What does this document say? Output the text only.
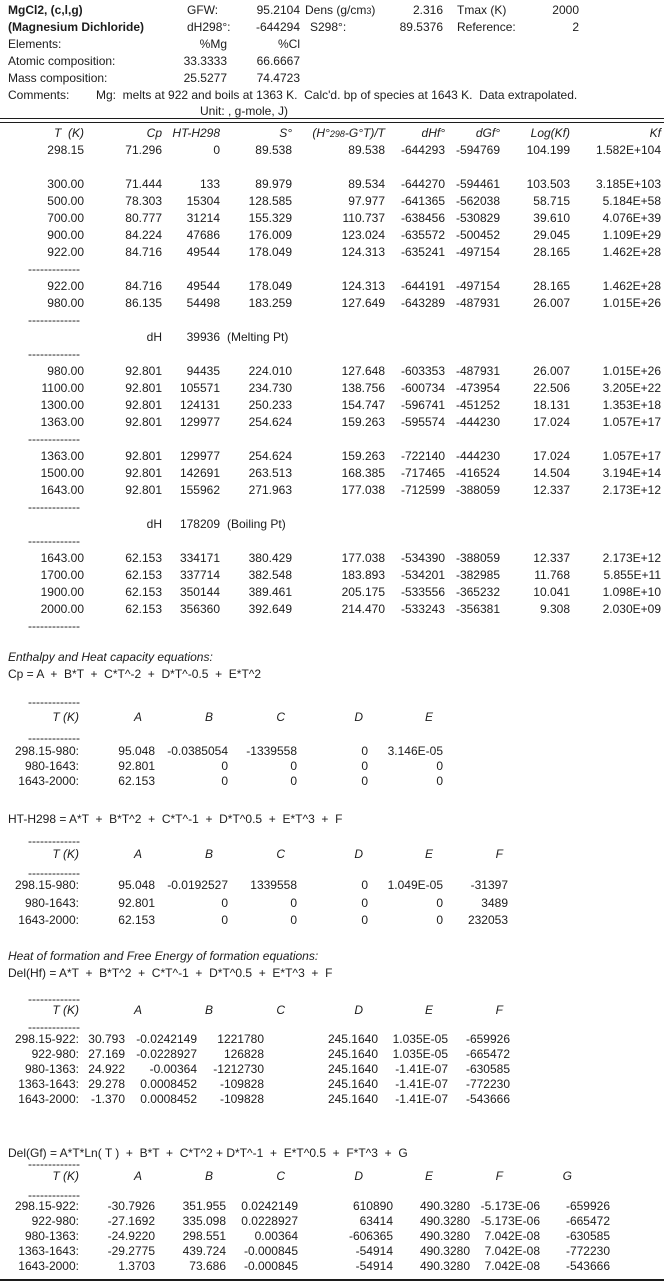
MgCl2, (c,l,g)	GFW:	95.2104 Dens (g/cm3)	2.316 Tmax (K)	2000
(Magnesium Dichloride)	dH298°: -644294 S298°:	89.5376 Reference:	2
Elements:	%Mg	%Cl
Atomic composition:	33.3333 66.6667
Mass composition:	25.5277 74.4723
Comments: Mg:  melts at 922 and boils at 1363 K.  Calc'd. bp of species at 1643 K.  Data extrapolated.
Unit: , g-mole, J)
T  (K)	Cp HT-H298	S° (H°298-G°T)/T	dHf°	dGf°	Log(Kf)	Kf
298.15	71.296	0	89.538	89.538 -644293 -594769 104.199 1.582E+104
300.00	71.444	133	89.979	89.534 -644270 -594461 103.503 3.185E+103
500.00	78.303 15304 128.585	97.977 -641365 -562038	58.715	5.184E+58
700.00	80.777 31214 155.329	110.737 -638456 -530829	39.610	4.076E+39
900.00	84.224 47686 176.009	123.024 -635572 -500452	29.045	1.109E+29
922.00	84.716 49544 178.049	124.313 -635241 -497154	28.165	1.462E+28
-------------
922.00	84.716 49544 178.049	124.313 -644191 -497154	28.165	1.462E+28
980.00	86.135 54498 183.259	127.649 -643289 -487931	26.007	1.015E+26
-------------
dH 39936 (Melting Pt)
-------------
980.00	92.801 94435 224.010	127.648 -603353 -487931	26.007	1.015E+26
1100.00	92.801 105571 234.730	138.756 -600734 -473954	22.506	3.205E+22
1300.00	92.801 124131 250.233	154.747 -596741 -451252	18.131	1.353E+18
1363.00	92.801 129977 254.624	159.263 -595574 -444230	17.024	1.057E+17
-------------
1363.00	92.801 129977 254.624	159.263 -722140 -444230	17.024	1.057E+17
1500.00	92.801 142691 263.513	168.385 -717465 -416524	14.504	3.194E+14
1643.00	92.801 155962 271.963	177.038 -712599 -388059	12.337	2.173E+12
-------------
dH 178209 (Boiling Pt)
-------------
1643.00	62.153 334171 380.429	177.038 -534390 -388059	12.337	2.173E+12
1700.00	62.153 337714 382.548	183.893 -534201 -382985	11.768	5.855E+11
1900.00	62.153 350144 389.461	205.175 -533556 -365232	10.041	1.098E+10
2000.00	62.153 356360 392.649	214.470 -533243 -356381	9.308	2.030E+09
-------------
Enthalpy and Heat capacity equations:
Cp = A  +  B*T  +  C*T^-2  +  D*T^-0.5  +  E*T^2
-------------
T (K)	A	B	C	D	E
-------------
298.15-980:	95.048 -0.0385054 -1339558	0 3.146E-05
980-1643:	92.801	0	0	0	0
1643-2000:	62.153	0	0	0	0
HT-H298 = A*T  +  B*T^2  +  C*T^-1  +  D*T^0.5  +  E*T^3  +  F
-------------
T (K)	A	B	C	D	E	F
-------------
298.15-980:	95.048 -0.0192527 1339558	0 1.049E-05 -31397
980-1643:	92.801	0	0	0	0	3489
1643-2000:	62.153	0	0	0	0 232053
Heat of formation and Free Energy of formation equations:
Del(Hf) = A*T  +  B*T^2  +  C*T^-1  +  D*T^0.5  +  E*T^3  +  F
-------------
T (K)	A	B	C	D	E	F
-------------
298.15-922: 30.793 -0.0242149 1221780	245.1640 1.035E-05 -659926
922-980: 27.169 -0.0228927 126828	245.1640 1.035E-05 -665472
980-1363: 24.922 -0.00364 -1212730	245.1640 -1.41E-07 -630585
1363-1643: 29.278 0.0008452 -109828	245.1640 -1.41E-07 -772230
1643-2000: -1.370 0.0008452 -109828	245.1640 -1.41E-07 -543666
Del(Gf) = A*T*Ln( T )  +  B*T  +  C*T^2 + D*T^-1  +  E*T^0.5  +  F*T^3  +  G
-------------
T (K)	A	B	C	D	E	F	G
-------------
298.15-922: -30.7926 351.955 0.0242149	610890 490.3280 -5.173E-06 -659926
922-980: -27.1692 335.098 0.0228927	63414 490.3280 -5.173E-06 -665472
980-1363: -24.9220 298.551 0.00364	-606365 490.3280 7.042E-08 -630585
1363-1643: -29.2775 439.724 -0.000845	-54914 490.3280 7.042E-08 -772230
1643-2000:	1.3703	73.686 -0.000845	-54914 490.3280 7.042E-08 -543666
